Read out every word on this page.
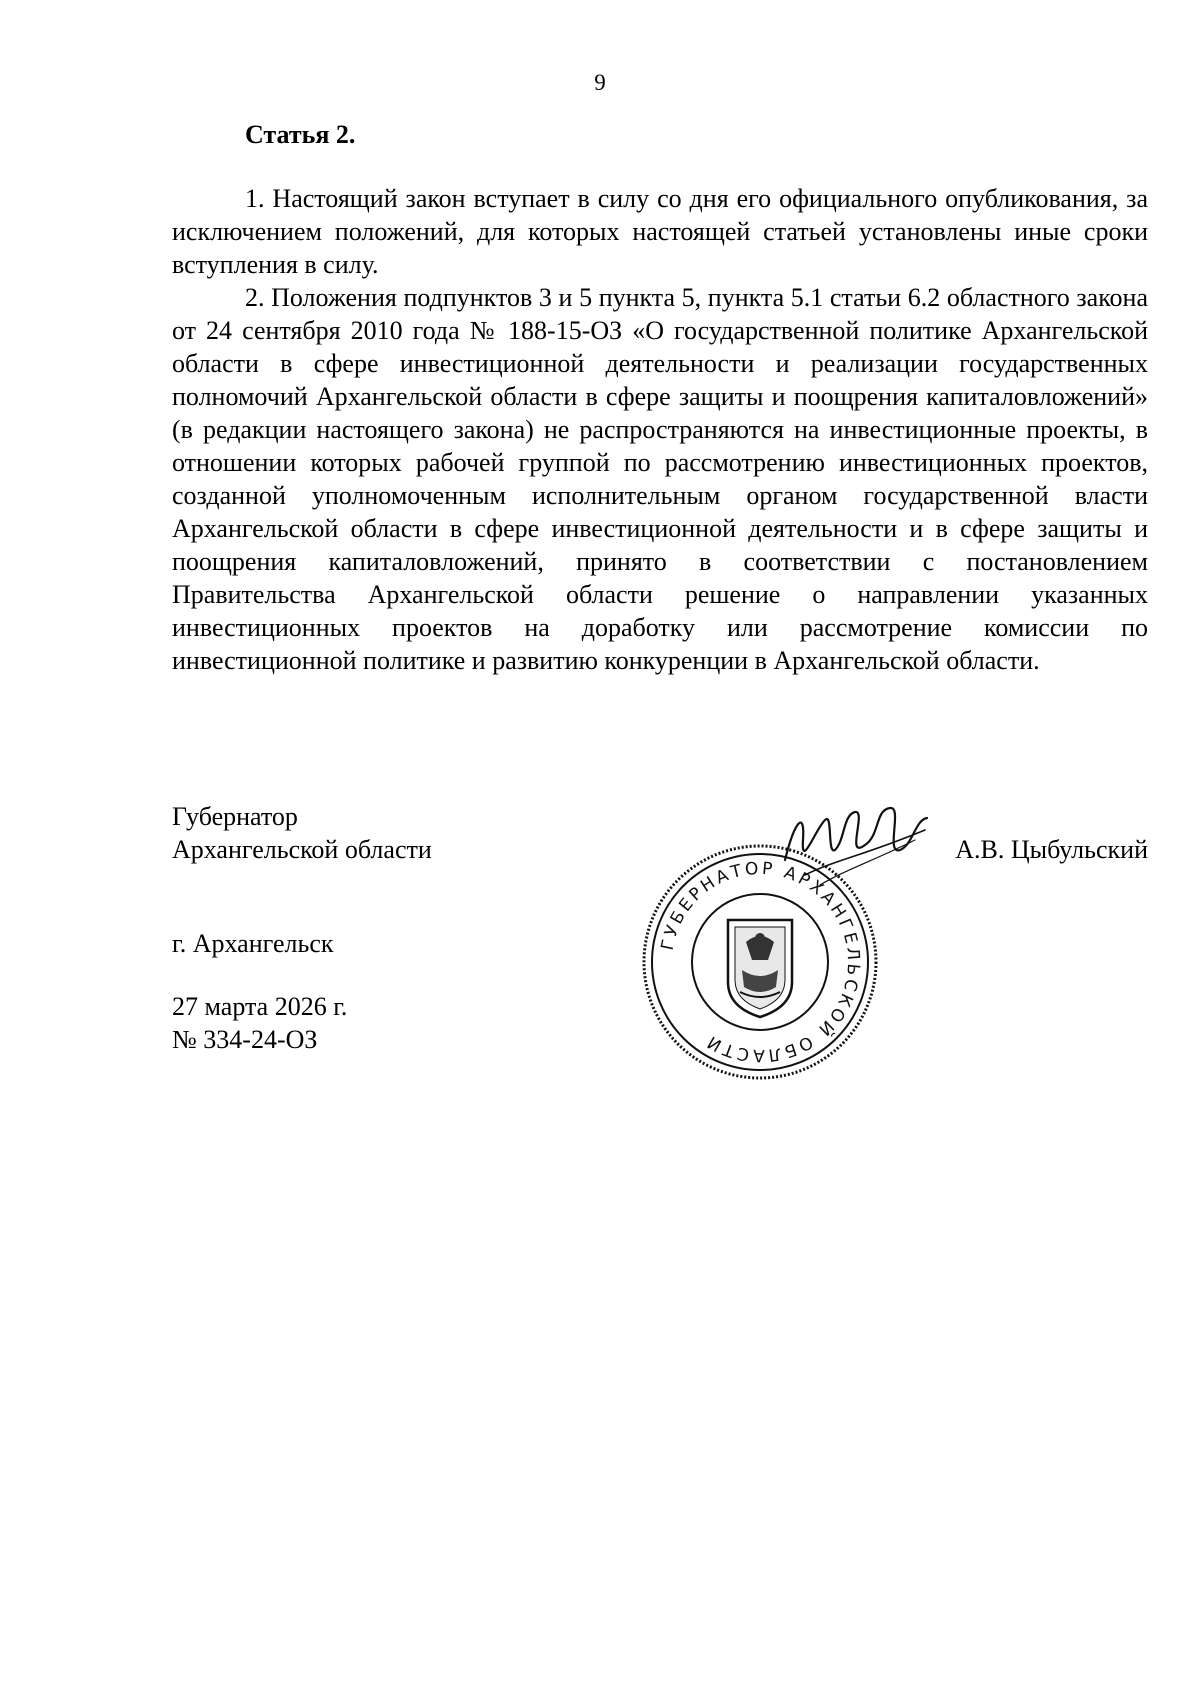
9
Статья 2.

1. Настоящий закон вступает в силу со дня его официального опубликования, за исключением положений, для которых настоящей статьей установлены иные сроки вступления в силу.

2. Положения подпунктов 3 и 5 пункта 5, пункта 5.1 статьи 6.2 областного закона от 24 сентября 2010 года № 188-15-ОЗ «О государственной политике Архангельской области в сфере инвестиционной деятельности и реализации государственных полномочий Архангельской области в сфере защиты и поощрения капиталовложений» (в редакции настоящего закона) не распространяются на инвестиционные проекты, в отношении которых рабочей группой по рассмотрению инвестиционных проектов, созданной уполномоченным исполнительным органом государственной власти Архангельской области в сфере инвестиционной деятельности и в сфере защиты и поощрения капиталовложений, принято в соответствии с постановлением Правительства Архангельской области решение о направлении указанных инвестиционных проектов на доработку или рассмотрение комиссии по инвестиционной политике и развитию конкуренции в Архангельской области.

Губернатор
Архангельской области	А.В. Цыбульский
ГУБЕРНАТОР АРХАНГЕЛЬСКОЙ ОБЛАСТИ
г. Архангельск
27 марта 2026 г.
№ 334-24-ОЗ
